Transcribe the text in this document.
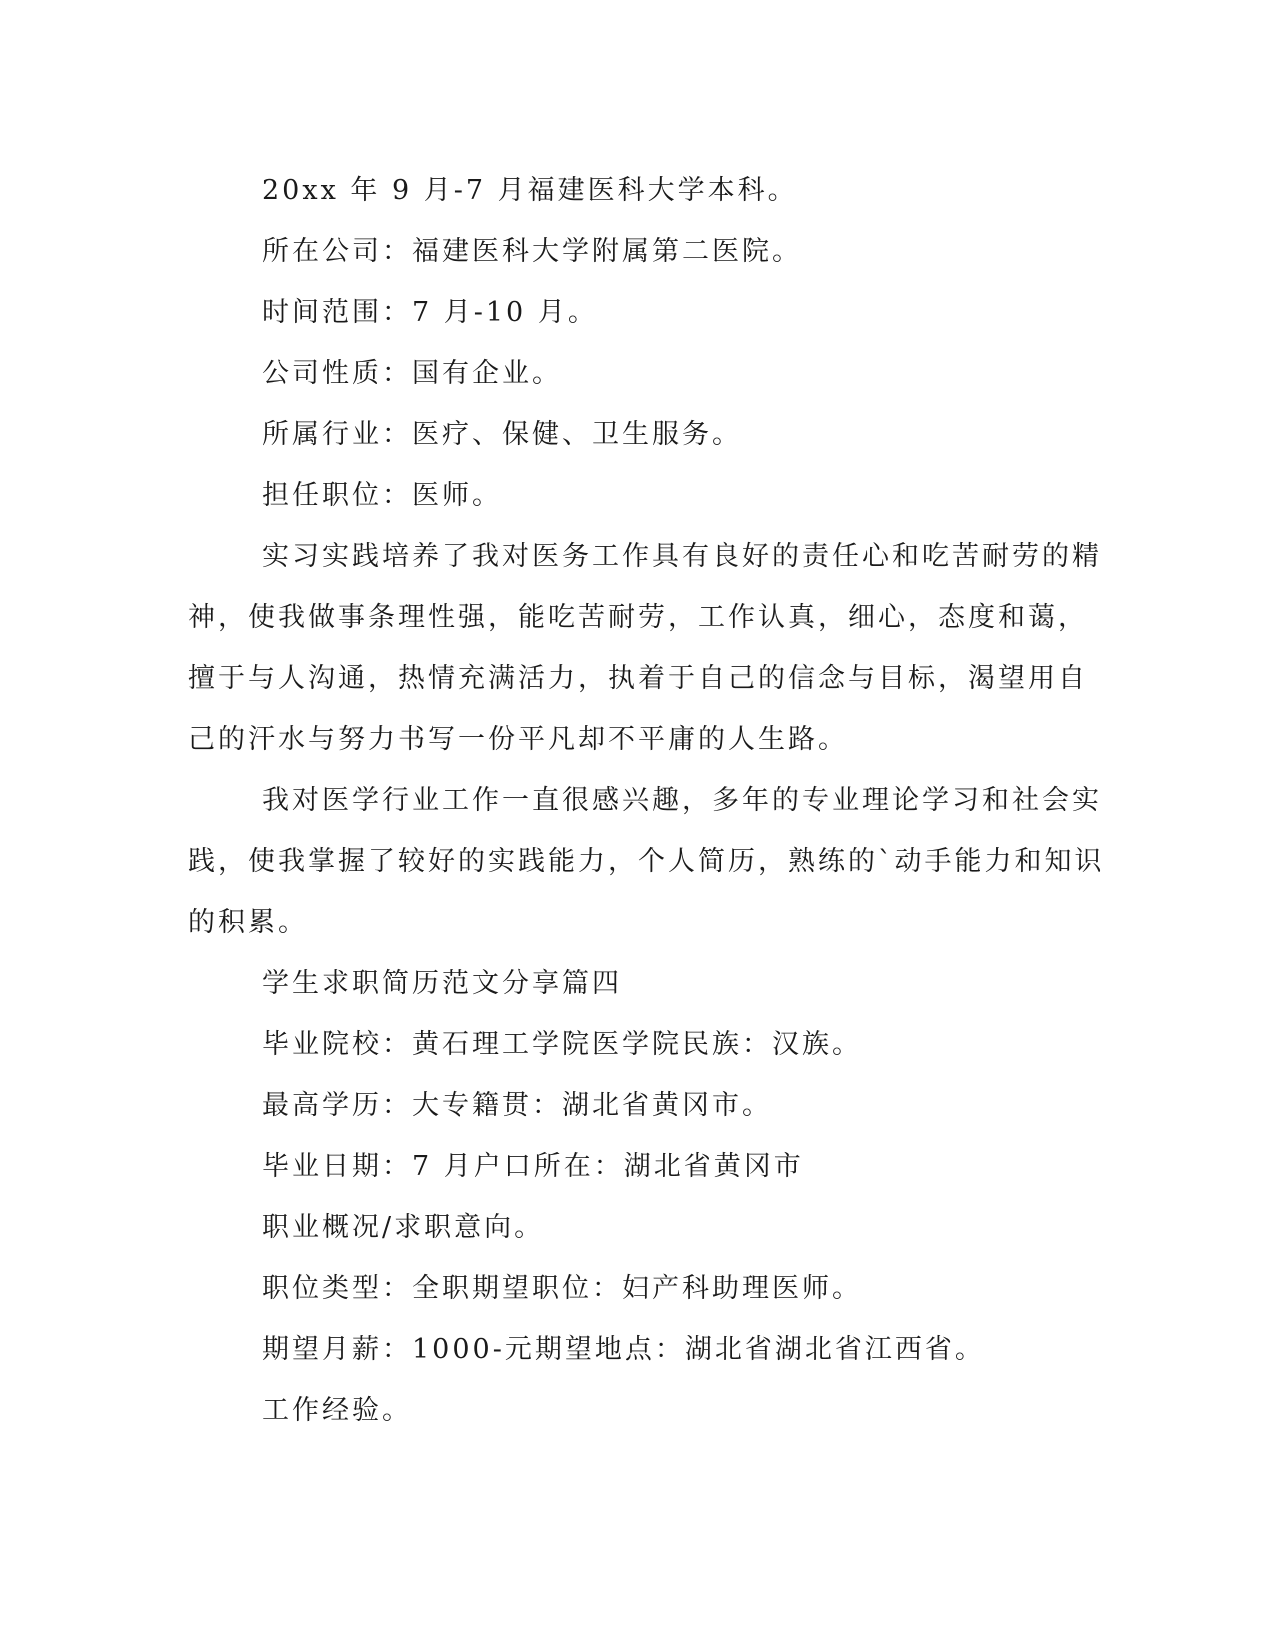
20xx 年 9 月-7 月福建医科大学本科。
所在公司：福建医科大学附属第二医院。
时间范围：7 月-10 月。
公司性质：国有企业。
所属行业：医疗、保健、卫生服务。
担任职位：医师。
实习实践培养了我对医务工作具有良好的责任心和吃苦耐劳的精
神，使我做事条理性强，能吃苦耐劳，工作认真，细心，态度和蔼，
擅于与人沟通，热情充满活力，执着于自己的信念与目标，渴望用自
己的汗水与努力书写一份平凡却不平庸的人生路。
我对医学行业工作一直很感兴趣，多年的专业理论学习和社会实
践，使我掌握了较好的实践能力，个人简历，熟练的`动手能力和知识
的积累。
学生求职简历范文分享篇四
毕业院校：黄石理工学院医学院民族：汉族。
最高学历：大专籍贯：湖北省黄冈市。
毕业日期：7 月户口所在：湖北省黄冈市
职业概况/求职意向。
职位类型：全职期望职位：妇产科助理医师。
期望月薪：1000-元期望地点：湖北省湖北省江西省。
工作经验。
